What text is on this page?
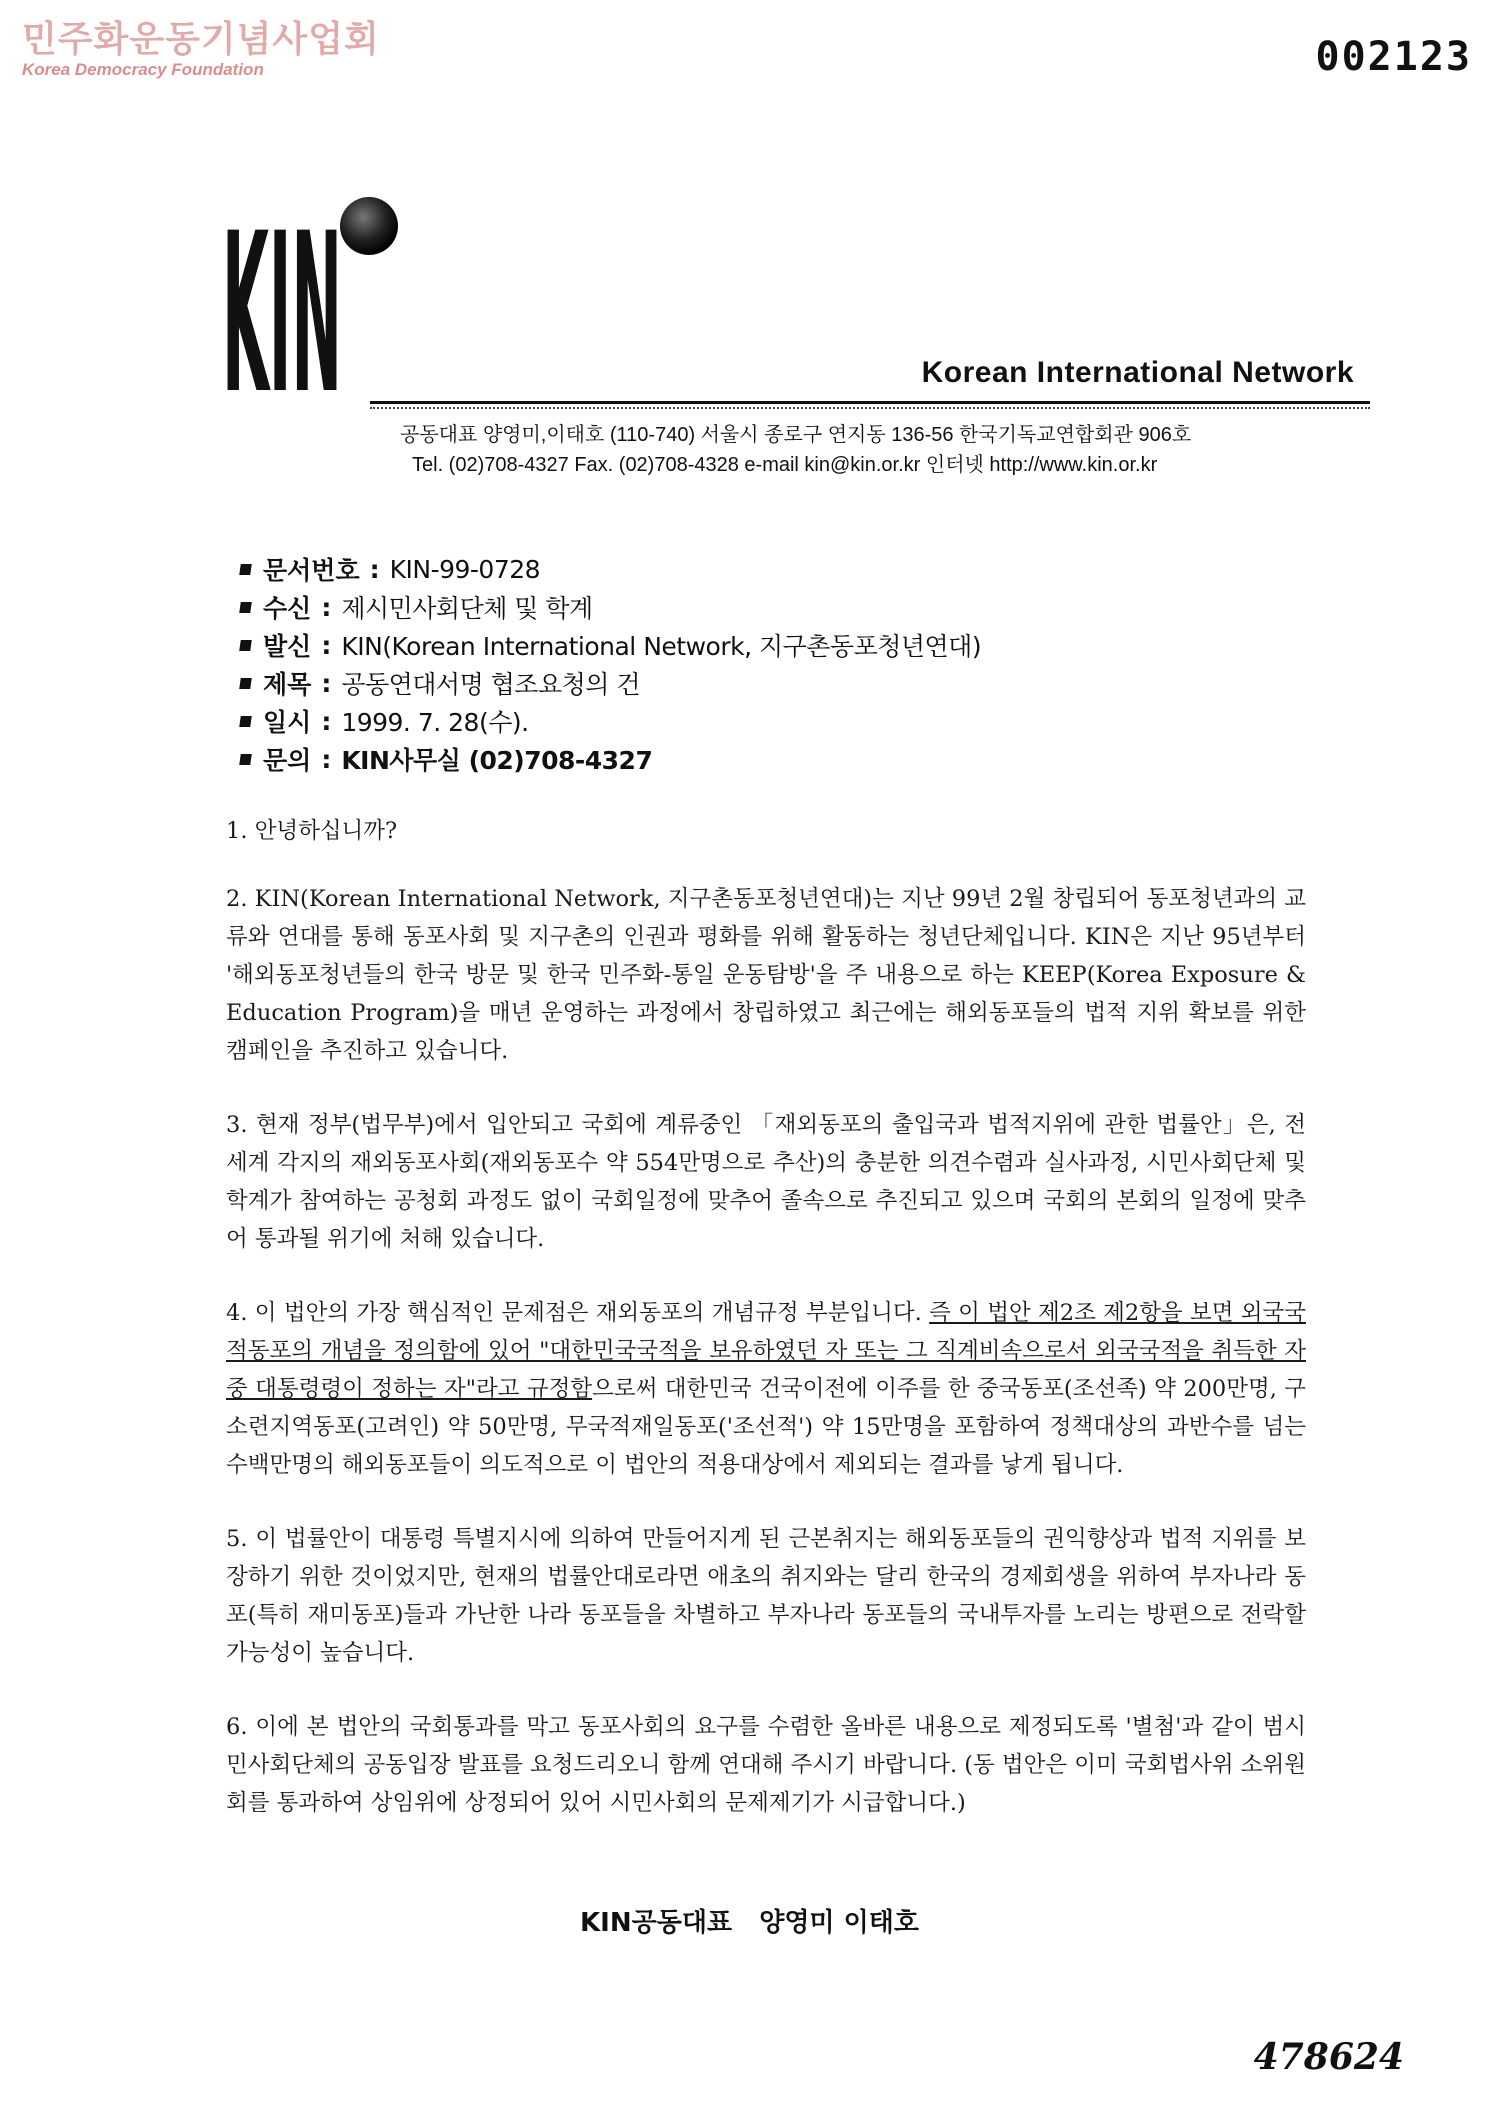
민주화운동기념사업회
Korea Democracy Foundation	002123
KIN	Korean International Network
공동대표 양영미,이태호 (110-740) 서울시 종로구 연지동 136-56 한국기독교연합회관 906호
Tel. (02)708-4327 Fax. (02)708-4328 e-mail kin@kin.or.kr 인터넷 http://www.kin.or.kr
문서번호 : KIN-99-0728
수신 : 제시민사회단체 및 학계
발신 : KIN(Korean International Network, 지구촌동포청년연대)
제목 : 공동연대서명 협조요청의 건
일시 : 1999. 7. 28(수).
문의 : KIN사무실 (02)708-4327

1. 안녕하십니까?

2. KIN(Korean International Network, 지구촌동포청년연대)는 지난 99년 2월 창립되어 동포청년과의 교류와 연대를 통해 동포사회 및 지구촌의 인권과 평화를 위해 활동하는 청년단체입니다. KIN은 지난 95년부터 '해외동포청년들의 한국 방문 및 한국 민주화-통일 운동탐방'을 주 내용으로 하는 KEEP(Korea Exposure & Education Program)을 매년 운영하는 과정에서 창립하였고 최근에는 해외동포들의 법적 지위 확보를 위한 캠페인을 추진하고 있습니다.

3. 현재 정부(법무부)에서 입안되고 국회에 계류중인 「재외동포의 출입국과 법적지위에 관한 법률안」은, 전 세계 각지의 재외동포사회(재외동포수 약 554만명으로 추산)의 충분한 의견수렴과 실사과정, 시민사회단체 및 학계가 참여하는 공청회 과정도 없이 국회일정에 맞추어 졸속으로 추진되고 있으며 국회의 본회의 일정에 맞추어 통과될 위기에 처해 있습니다.

4. 이 법안의 가장 핵심적인 문제점은 재외동포의 개념규정 부분입니다. 즉 이 법안 제2조 제2항을 보면 외국국적동포의 개념을 정의함에 있어 "대한민국국적을 보유하였던 자 또는 그 직계비속으로서 외국국적을 취득한 자 중 대통령령이 정하는 자"라고 규정함으로써 대한민국 건국이전에 이주를 한 중국동포(조선족) 약 200만명, 구소련지역동포(고려인) 약 50만명, 무국적재일동포('조선적') 약 15만명을 포함하여 정책대상의 과반수를 넘는 수백만명의 해외동포들이 의도적으로 이 법안의 적용대상에서 제외되는 결과를 낳게 됩니다.

5. 이 법률안이 대통령 특별지시에 의하여 만들어지게 된 근본취지는 해외동포들의 권익향상과 법적 지위를 보장하기 위한 것이었지만, 현재의 법률안대로라면 애초의 취지와는 달리 한국의 경제회생을 위하여 부자나라 동포(특히 재미동포)들과 가난한 나라 동포들을 차별하고 부자나라 동포들의 국내투자를 노리는 방편으로 전락할 가능성이 높습니다.

6. 이에 본 법안의 국회통과를 막고 동포사회의 요구를 수렴한 올바른 내용으로 제정되도록 '별첨'과 같이 범시민사회단체의 공동입장 발표를 요청드리오니 함께 연대해 주시기 바랍니다. (동 법안은 이미 국회법사위 소위원회를 통과하여 상임위에 상정되어 있어 시민사회의 문제제기가 시급합니다.)

KIN공동대표   양영미 이태호
478624
